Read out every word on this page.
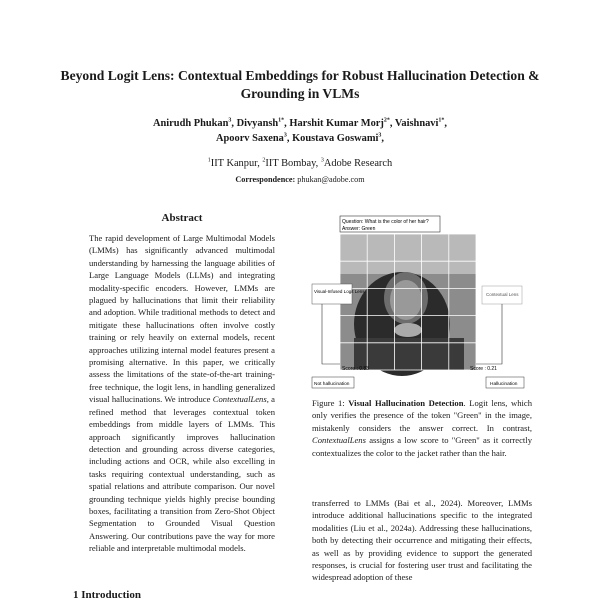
Beyond Logit Lens: Contextual Embeddings for Robust Hallucination Detection & Grounding in VLMs
Anirudh Phukan$^3$, Divyansh$^{1*}$, Harshit Kumar Morj$^{2*}$, Vaishnavi$^{1*}$,
Apoorv Saxena$^3$, Koustava Goswami$^3$,
$^1$IIT Kanpur, $^2$IIT Bombay, $^3$Adobe Research
Correspondence: phukan@adobe.com
Abstract
The rapid development of Large Multimodal Models (LMMs) has significantly advanced multimodal understanding by harnessing the language abilities of Large Language Models (LLMs) and integrating modality-specific encoders. However, LMMs are plagued by hallucinations that limit their reliability and adoption. While traditional methods to detect and mitigate these hallucinations often involve costly training or rely heavily on external models, recent approaches utilizing internal model features present a promising alternative. In this paper, we critically assess the limitations of the state-of-the-art training-free technique, the logit lens, in handling generalized visual hallucinations. We introduce ContextualLens, a refined method that leverages contextual token embeddings from middle layers of LMMs. This approach significantly improves hallucination detection and grounding across diverse categories, including actions and OCR, while also excelling in tasks requiring contextual understanding, such as spatial relations and attribute comparison. Our novel grounding technique yields highly precise bounding boxes, facilitating a transition from Zero-Shot Object Segmentation to Grounded Visual Question Answering. Our contributions pave the way for more reliable and interpretable multimodal models.
1 Introduction
Question: What is the color of her hair?
Answer: Green
Visual-Infused Logit Lens
Contextual Lens
Score : 0.83	Score : 0.21
Not hallucination	Hallucination
Figure 1: Visual Hallucination Detection. Logit lens, which only verifies the presence of the token "Green" in the image, mistakenly considers the answer correct. In contrast, ContextualLens assigns a low score to "Green" as it correctly contextualizes the color to the jacket rather than the hair.
transferred to LMMs (Bai et al., 2024). Moreover, LMMs introduce additional hallucinations specific to the integrated modalities (Liu et al., 2024a). Addressing these hallucinations, both by detecting their occurrence and mitigating their effects, as well as by providing evidence to support the generated responses, is crucial for fostering user trust and facilitating the widespread adoption of these
